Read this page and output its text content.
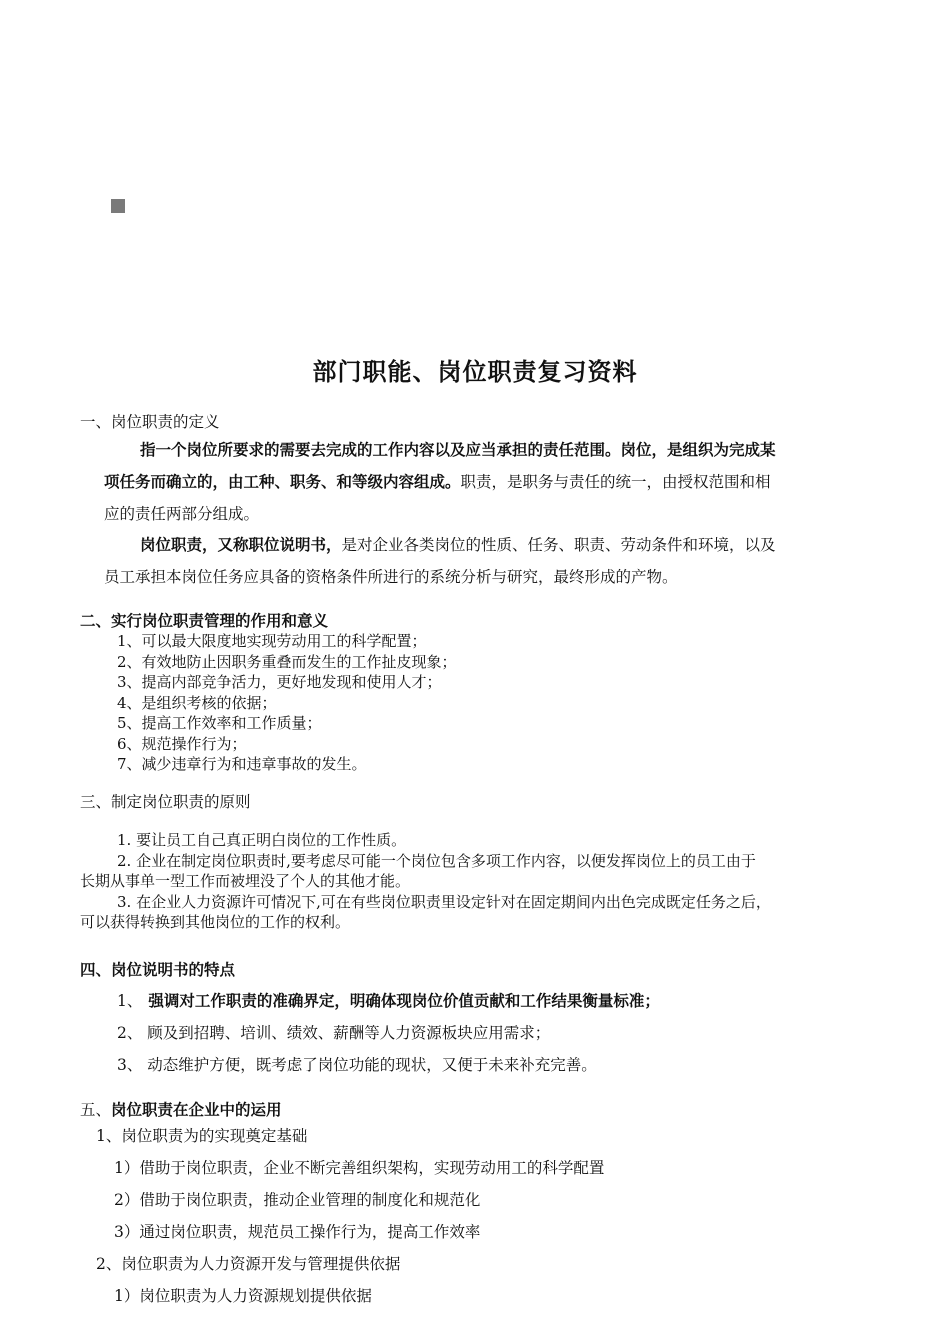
部门职能、岗位职责复习资料
一、岗位职责的定义
指一个岗位所要求的需要去完成的工作内容以及应当承担的责任范围。岗位，是组织为完成某
项任务而确立的，由工种、职务、和等级内容组成。职责，是职务与责任的统一，由授权范围和相
应的责任两部分组成。
岗位职责，又称职位说明书，是对企业各类岗位的性质、任务、职责、劳动条件和环境，以及
员工承担本岗位任务应具备的资格条件所进行的系统分析与研究，最终形成的产物。
二、实行岗位职责管理的作用和意义
1、可以最大限度地实现劳动用工的科学配置；
2、有效地防止因职务重叠而发生的工作扯皮现象；
3、提高内部竞争活力，更好地发现和使用人才；
4、是组织考核的依据；
5、提高工作效率和工作质量；
6、规范操作行为；
7、减少违章行为和违章事故的发生。
三、制定岗位职责的原则
1. 要让员工自己真正明白岗位的工作性质。
2. 企业在制定岗位职责时,要考虑尽可能一个岗位包含多项工作内容，以便发挥岗位上的员工由于
长期从事单一型工作而被埋没了个人的其他才能。
3. 在企业人力资源许可情况下,可在有些岗位职责里设定针对在固定期间内出色完成既定任务之后，
可以获得转换到其他岗位的工作的权利。
四、岗位说明书的特点
1、 强调对工作职责的准确界定，明确体现岗位价值贡献和工作结果衡量标准；
2、 顾及到招聘、培训、绩效、薪酬等人力资源板块应用需求；
3、 动态维护方便，既考虑了岗位功能的现状，又便于未来补充完善。
五、岗位职责在企业中的运用
1、岗位职责为的实现奠定基础
1）借助于岗位职责，企业不断完善组织架构，实现劳动用工的科学配置
2）借助于岗位职责，推动企业管理的制度化和规范化
3）通过岗位职责，规范员工操作行为，提高工作效率
2、岗位职责为人力资源开发与管理提供依据
1）岗位职责为人力资源规划提供依据
